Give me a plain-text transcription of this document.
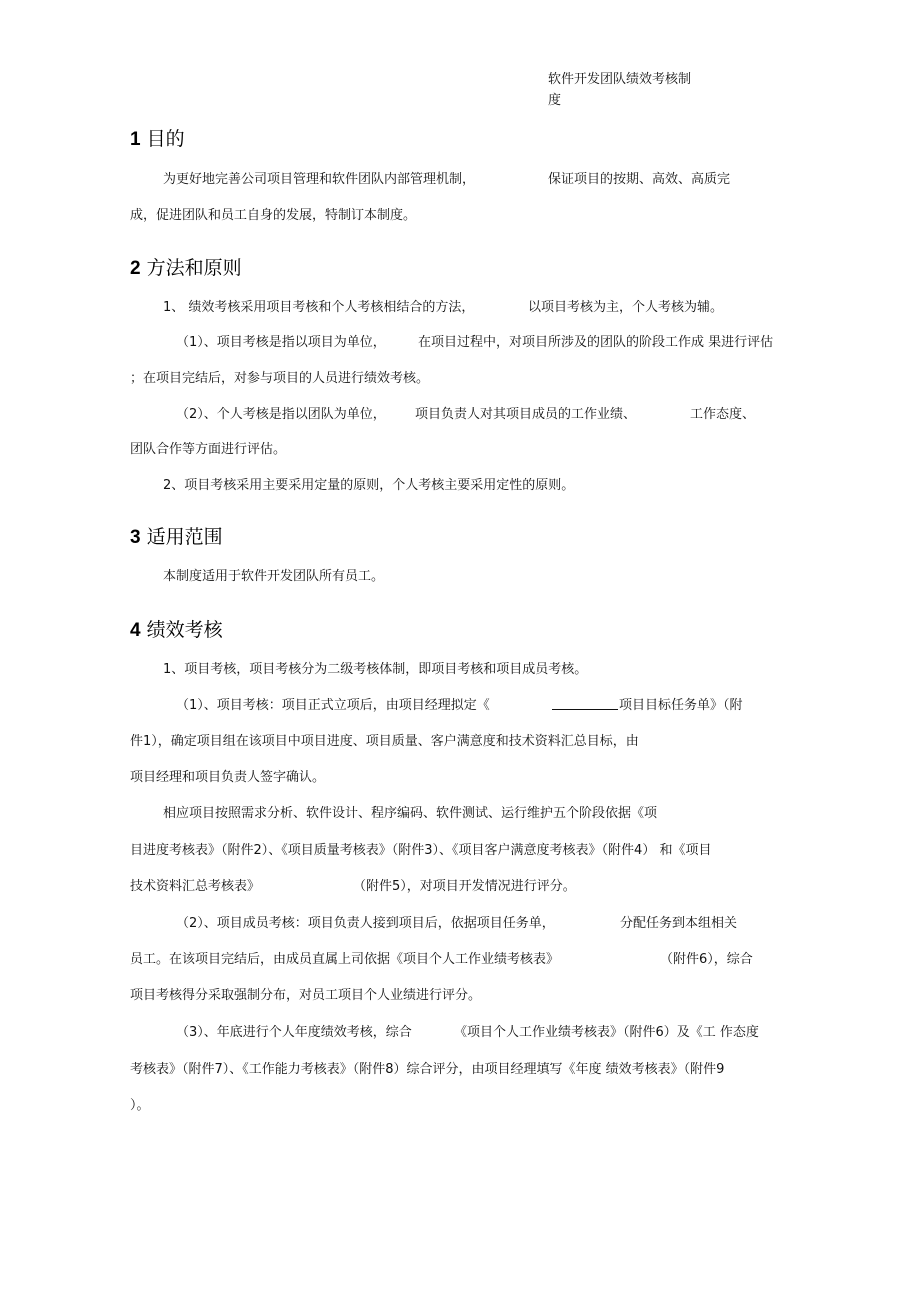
软件开发团队绩效考核制
度
1 目的
为更好地完善公司项目管理和软件团队内部管理机制，	保证项目的按期、高效、高质完
成，促进团队和员工自身的发展，特制订本制度。
2 方法和原则
1、 绩效考核采用项目考核和个人考核相结合的方法，	以项目考核为主，个人考核为辅。
（1）、项目考核是指以项目为单位， 在项目过程中，对项目所涉及的团队的阶段工作成 果进行评估
；在项目完结后，对参与项目的人员进行绩效考核。
（2）、个人考核是指以团队为单位， 项目负责人对其项目成员的工作业绩、	工作态度、
团队合作等方面进行评估。
2、项目考核采用主要采用定量的原则，个人考核主要采用定性的原则。
3 适用范围
本制度适用于软件开发团队所有员工。
4 绩效考核
1、项目考核，项目考核分为二级考核体制，即项目考核和项目成员考核。
（1）、项目考核：项目正式立项后，由项目经理拟定《	项目目标任务单》（附
件1），确定项目组在该项目中项目进度、项目质量、客户满意度和技术资料汇总目标，由
项目经理和项目负责人签字确认。
相应项目按照需求分析、软件设计、程序编码、软件测试、运行维护五个阶段依据《项
目进度考核表》（附件2）、《项目质量考核表》（附件3）、《项目客户满意度考核表》（附件4） 和《项目
技术资料汇总考核表》	（附件5），对项目开发情况进行评分。
（2）、项目成员考核：项目负责人接到项目后，依据项目任务单，	分配任务到本组相关
员工。在该项目完结后，由成员直属上司依据《项目个人工作业绩考核表》	（附件6），综合
项目考核得分采取强制分布，对员工项目个人业绩进行评分。
（3）、年底进行个人年度绩效考核，综合	《项目个人工作业绩考核表》（附件6）及《工 作态度
考核表》（附件7）、《工作能力考核表》（附件8）综合评分，由项目经理填写《年度 绩效考核表》（附件9
）。
